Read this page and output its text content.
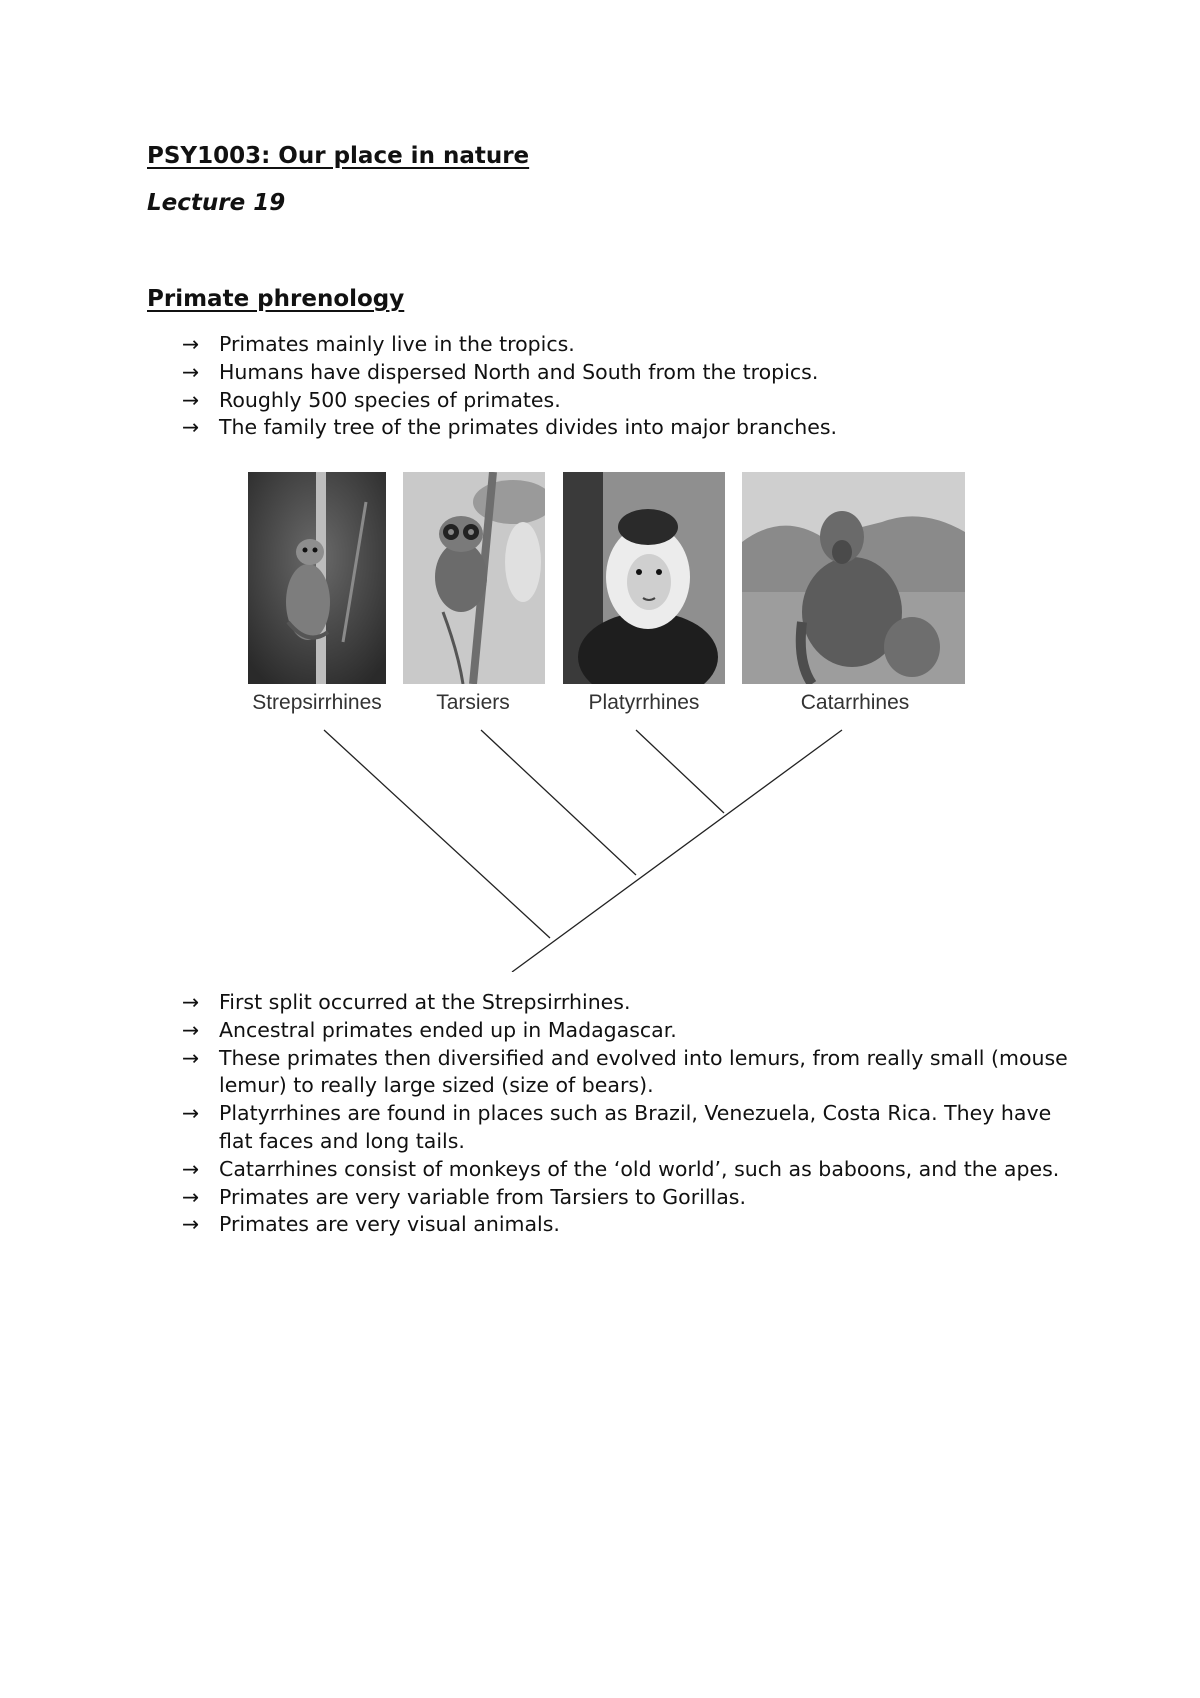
PSY1003: Our place in nature
Lecture 19
Primate phrenology
→ Primates mainly live in the tropics.
→ Humans have dispersed North and South from the tropics.
→ Roughly 500 species of primates.
→ The family tree of the primates divides into major branches.
Strepsirrhines	Tarsiers	Platyrrhines	Catarrhines
→ First split occurred at the Strepsirrhines.
→ Ancestral primates ended up in Madagascar.
→ These primates then diversified and evolved into lemurs, from really small (mouse lemur) to really large sized (size of bears).
→ Platyrrhines are found in places such as Brazil, Venezuela, Costa Rica. They have flat faces and long tails.
→ Catarrhines consist of monkeys of the ‘old world’, such as baboons, and the apes.
→ Primates are very variable from Tarsiers to Gorillas.
→ Primates are very visual animals.
